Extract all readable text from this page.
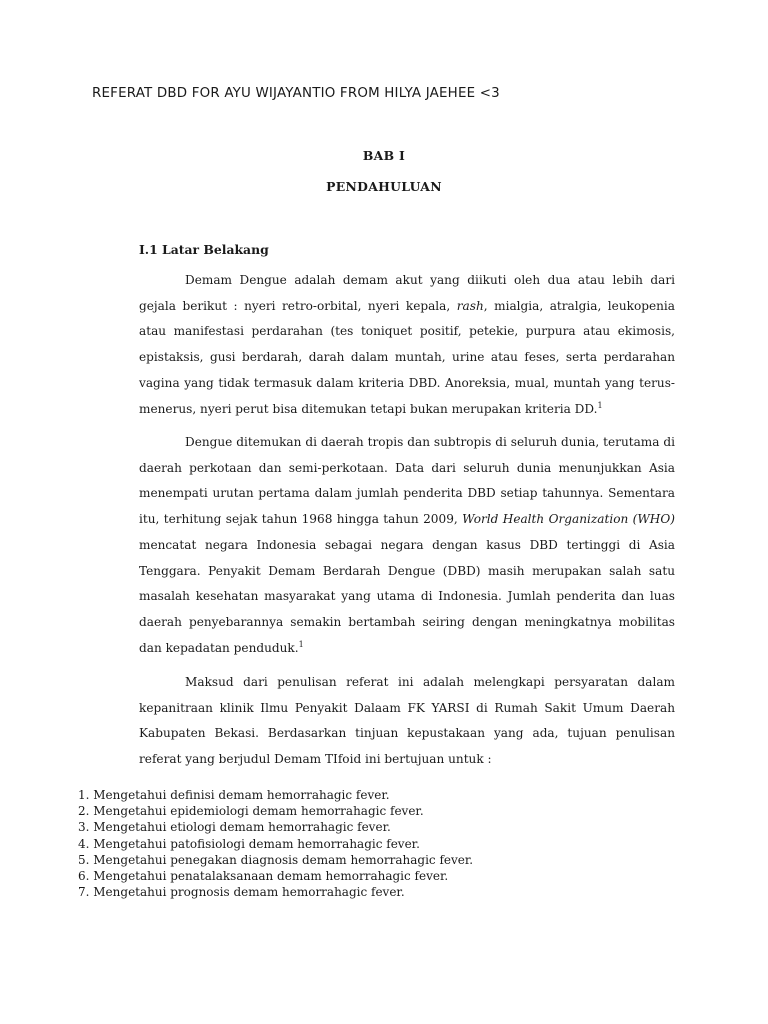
REFERAT DBD FOR AYU WIJAYANTIO FROM HILYA JAEHEE <3
BAB I
PENDAHULUAN
I.1 Latar Belakang

Demam Dengue adalah demam akut yang diikuti oleh dua atau lebih dari gejala berikut : nyeri retro-orbital, nyeri kepala, rash, mialgia, atralgia, leukopenia atau manifestasi perdarahan (tes toniquet positif, petekie, purpura atau ekimosis, epistaksis, gusi berdarah, darah dalam muntah, urine atau feses, serta perdarahan vagina yang tidak termasuk dalam kriteria DBD. Anoreksia, mual, muntah yang terus-menerus, nyeri perut bisa ditemukan tetapi bukan merupakan kriteria DD.$^1$

Dengue ditemukan di daerah tropis dan subtropis di seluruh dunia, terutama di daerah perkotaan dan semi-perkotaan. Data dari seluruh dunia menunjukkan Asia menempati urutan pertama dalam jumlah penderita DBD setiap tahunnya. Sementara itu, terhitung sejak tahun 1968 hingga tahun 2009, World Health Organization (WHO) mencatat negara Indonesia sebagai negara dengan kasus DBD tertinggi di Asia Tenggara. Penyakit Demam Berdarah Dengue (DBD) masih merupakan salah satu masalah kesehatan masyarakat yang utama di Indonesia. Jumlah penderita dan luas daerah penyebarannya semakin bertambah seiring dengan meningkatnya mobilitas dan kepadatan penduduk.$^1$

Maksud dari penulisan referat ini adalah melengkapi persyaratan dalam kepanitraan klinik Ilmu Penyakit Dalaam FK YARSI di Rumah Sakit Umum Daerah Kabupaten Bekasi. Berdasarkan tinjuan kepustakaan yang ada, tujuan penulisan referat yang berjudul Demam TIfoid ini bertujuan untuk :

1. Mengetahui definisi demam hemorrahagic fever.
2. Mengetahui epidemiologi demam hemorrahagic fever.
3. Mengetahui etiologi demam hemorrahagic fever.
4. Mengetahui patofisiologi demam hemorrahagic fever.
5. Mengetahui penegakan diagnosis demam hemorrahagic fever.
6. Mengetahui penatalaksanaan demam hemorrahagic fever.
7. Mengetahui prognosis demam hemorrahagic fever.
